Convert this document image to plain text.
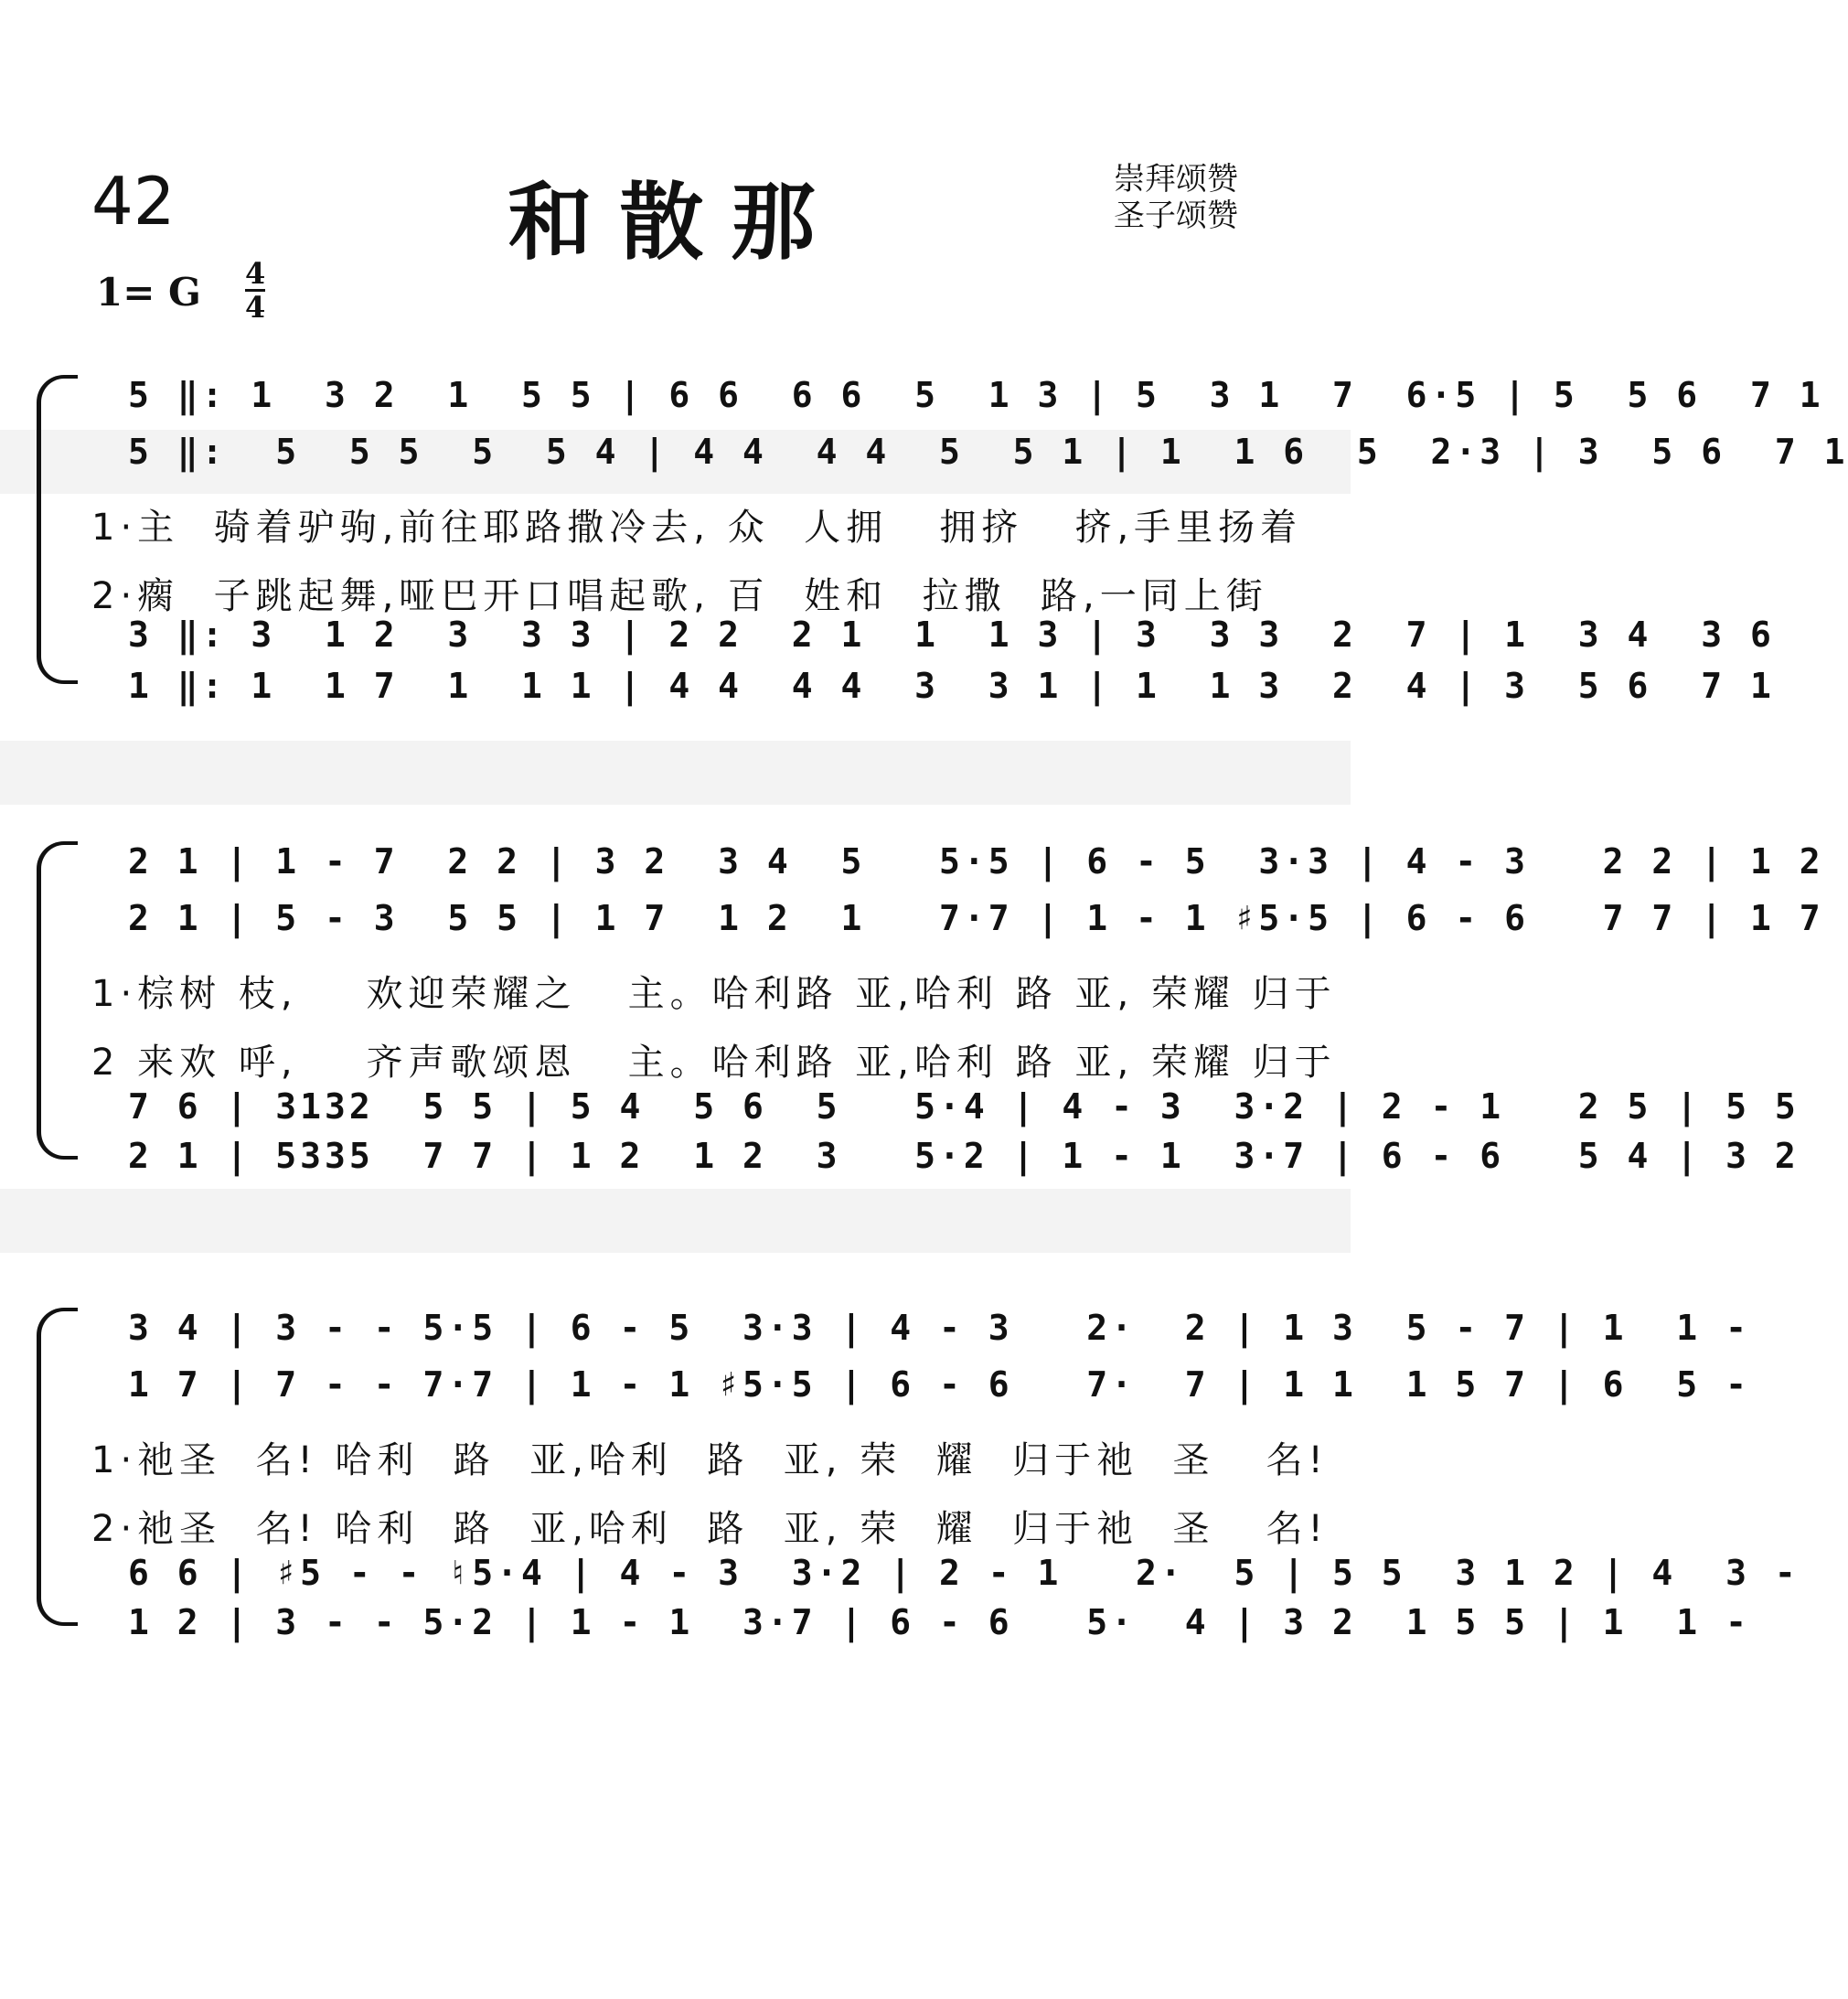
42	和散那	崇拜颂赞
圣子颂赞
1= G 4
4
5 ‖: 1  3 2  1  5 5 | 6 6  6 6  5  1 3 | 5  3 1  7  6·5 | 5  5 6  7 1
5 ‖:  5  5 5  5  5 4 | 4 4  4 4  5  5 1 | 1  1 6  5  2·3 | 3  5 6  7 1
1·主  骑着驴驹,前往耶路撒冷去, 众  人拥   拥挤   挤,手里扬着
2·瘸  子跳起舞,哑巴开口唱起歌, 百  姓和  拉撒  路,一同上街
3 ‖: 3  1 2  3  3 3 | 2 2  2 1  1  1 3 | 3  3 3  2  7 | 1  3 4  3 6
1 ‖: 1  1 7  1  1 1 | 4 4  4 4  3  3 1 | 1  1 3  2  4 | 3  5 6  7 1
2 1 | 1 - 7  2 2 | 3 2  3 4  5   5·5 | 6 - 5  3·3 | 4 - 3   2 2 | 1 2
2 1 | 5 - 3  5 5 | 1 7  1 2  1   7·7 | 1 - 1 ♯5·5 | 6 - 6   7 7 | 1 7
1·棕树 枝,    欢迎荣耀之   主。哈利路 亚,哈利 路 亚, 荣耀 归于
2 来欢 呼,    齐声歌颂恩   主。哈利路 亚,哈利 路 亚, 荣耀 归于
7 6 | 3132  5 5 | 5 4  5 6  5   5·4 | 4 - 3  3·2 | 2 - 1   2 5 | 5 5
2 1 | 5335  7 7 | 1 2  1 2  3   5·2 | 1 - 1  3·7 | 6 - 6   5 4 | 3 2
3 4 | 3 - - 5·5 | 6 - 5  3·3 | 4 - 3   2·  2 | 1 3  5 - 7 | 1  1 -
1 7 | 7 - - 7·7 | 1 - 1 ♯5·5 | 6 - 6   7·  7 | 1 1  1 5 7 | 6  5 -
1·祂圣  名! 哈利  路  亚,哈利  路  亚, 荣  耀  归于祂  圣   名!
2·祂圣  名! 哈利  路  亚,哈利  路  亚, 荣  耀  归于祂  圣   名!
6 6 | ♯5 - - ♮5·4 | 4 - 3  3·2 | 2 - 1   2·  5 | 5 5  3 1 2 | 4  3 -
1 2 | 3 - - 5·2 | 1 - 1  3·7 | 6 - 6   5·  4 | 3 2  1 5 5 | 1  1 -
